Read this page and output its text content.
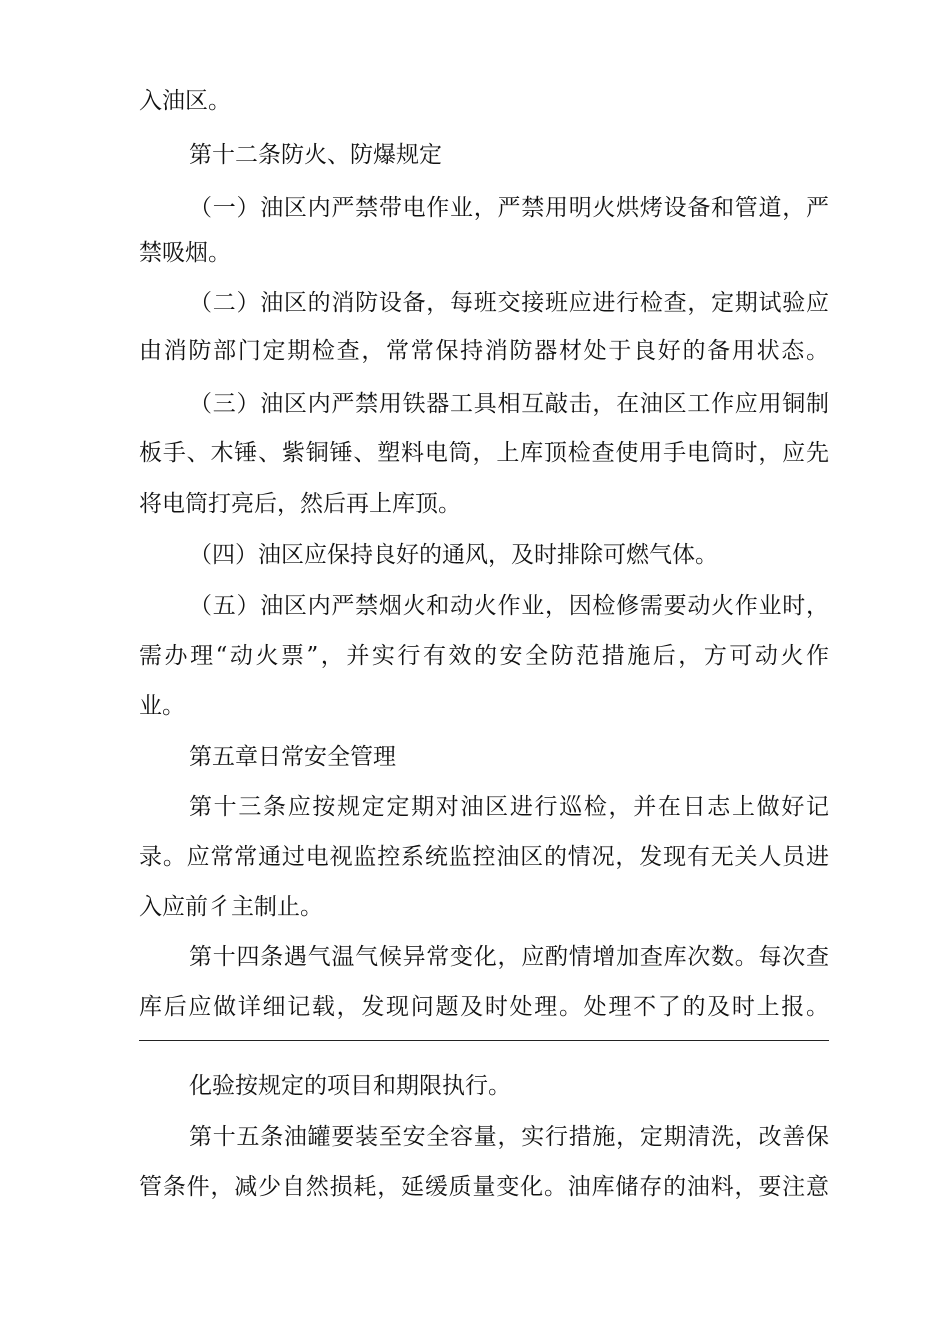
入油区。
第十二条防火、防爆规定
（一）油区内严禁带电作业，严禁用明火烘烤设备和管道，严
禁吸烟。
（二）油区的消防设备，每班交接班应进行检查，定期试验应
由消防部门定期检查，常常保持消防器材处于良好的备用状态。
（三）油区内严禁用铁器工具相互敲击，在油区工作应用铜制
板手、木锤、紫铜锤、塑料电筒，上库顶检查使用手电筒时，应先
将电筒打亮后，然后再上库顶。
（四）油区应保持良好的通风，及时排除可燃气体。
（五）油区内严禁烟火和动火作业，因检修需要动火作业时，
需办理“动火票”，并实行有效的安全防范措施后，方可动火作
业。
第五章日常安全管理
第十三条应按规定定期对油区进行巡检，并在日志上做好记
录。应常常通过电视监控系统监控油区的情况，发现有无关人员进
入应前彳主制止。
第十四条遇气温气候异常变化，应酌情增加查库次数。每次查
库后应做详细记载，发现问题及时处理。处理不了的及时上报。
化验按规定的项目和期限执行。
第十五条油罐要装至安全容量，实行措施，定期清洗，改善保
管条件，减少自然损耗，延缓质量变化。油库储存的油料，要注意
